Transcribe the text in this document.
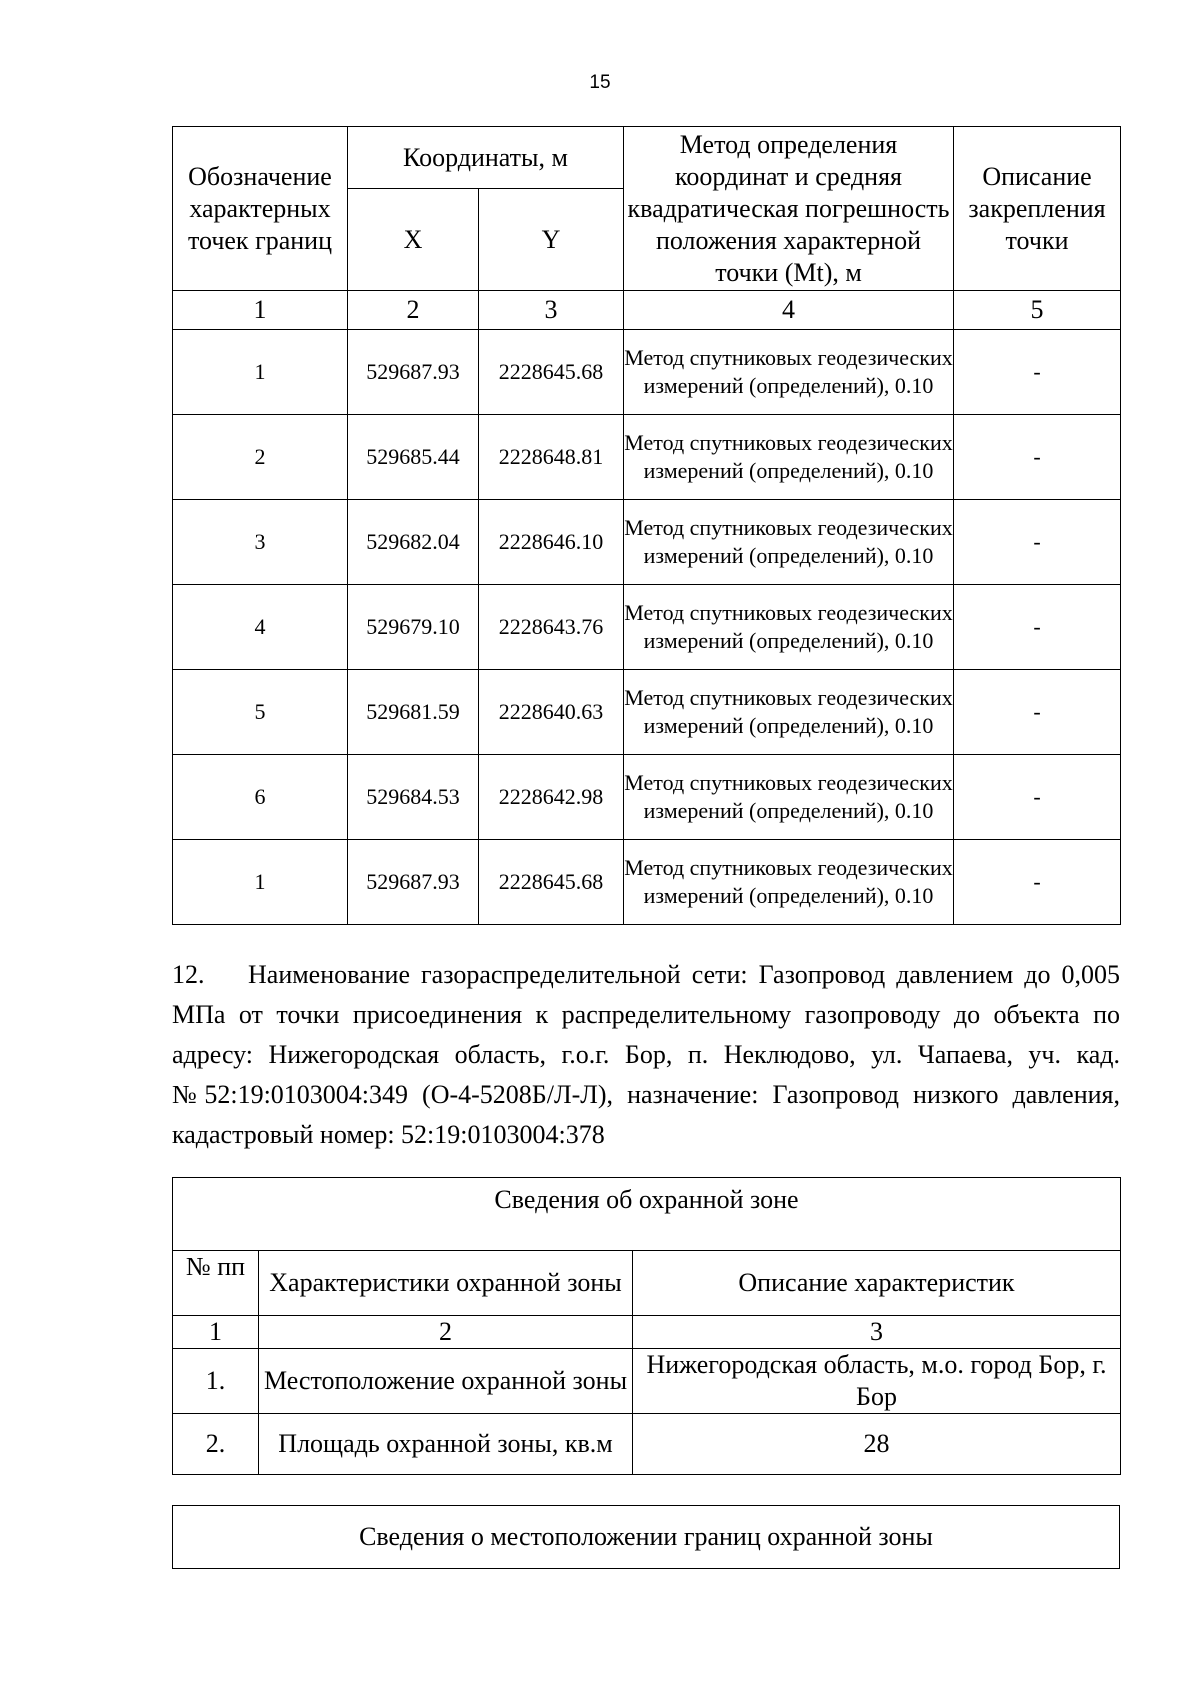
15
Обозначение характерных точек границ	Координаты, м		Метод определения координат и средняя квадратическая погрешность положения характерной точки (Mt), м	Описание закрепления точки
	X	Y		
1	2	3	4	5
1	529687.93	2228645.68	Метод спутниковых геодезических измерений (определений), 0.10	-
2	529685.44	2228648.81	Метод спутниковых геодезических измерений (определений), 0.10	-
3	529682.04	2228646.10	Метод спутниковых геодезических измерений (определений), 0.10	-
4	529679.10	2228643.76	Метод спутниковых геодезических измерений (определений), 0.10	-
5	529681.59	2228640.63	Метод спутниковых геодезических измерений (определений), 0.10	-
6	529684.53	2228642.98	Метод спутниковых геодезических измерений (определений), 0.10	-
1	529687.93	2228645.68	Метод спутниковых геодезических измерений (определений), 0.10	-
12. Наименование газораспределительной сети: Газопровод давлением до 0,005 МПа от точки присоединения к распределительному газопроводу до объекта по адресу: Нижегородская область, г.о.г. Бор, п. Неклюдово, ул. Чапаева, уч. кад.№52:19:0103004:349 (О-4-5208Б/Л-Л), назначение: Газопровод низкого давления, кадастровый номер: 52:19:0103004:378
Сведения об охранной зоне		
№ пп	Характеристики охранной зоны	Описание характеристик
1	2	3
1.	Местоположение охранной зоны	Нижегородская область, м.о. город Бор, г. Бор
2.	Площадь охранной зоны, кв.м	28
Сведения о местоположении границ охранной зоны
